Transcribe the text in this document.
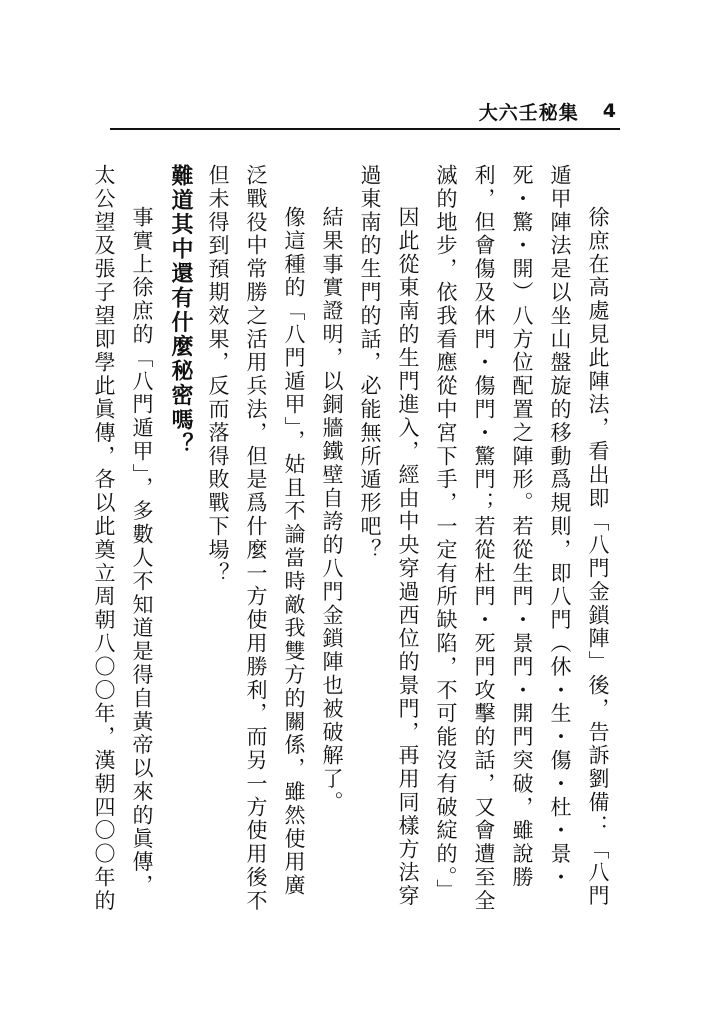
大六壬秘集 4
徐庶在高處見此陣法，看出即「八門金鎖陣」後，告訴劉備：「八門
遁甲陣法是以坐山盤旋的移動爲規則，即八門（休・生・傷・杜・景・
死・驚・開）八方位配置之陣形。若從生門・景門・開門突破，雖說勝
利，但會傷及休門・傷門・驚門；若從杜門・死門攻擊的話，又會遭至全
滅的地步，依我看應從中宮下手，一定有所缺陷，不可能沒有破綻的。」
因此從東南的生門進入，經由中央穿過西位的景門，再用同樣方法穿
過東南的生門的話，必能無所遁形吧？
結果事實證明，以銅牆鐵壁自誇的八門金鎖陣也被破解了。
像這種的「八門遁甲」，姑且不論當時敵我雙方的關係，雖然使用廣
泛戰役中常勝之活用兵法，但是爲什麼一方使用勝利，而另一方使用後不
但未得到預期效果，反而落得敗戰下場？
難道其中還有什麼秘密嗎？
事實上徐庶的「八門遁甲」，多數人不知道是得自黃帝以來的眞傳，
太公望及張子望即學此眞傳，各以此奠立周朝八〇〇年，漢朝四〇〇年的
